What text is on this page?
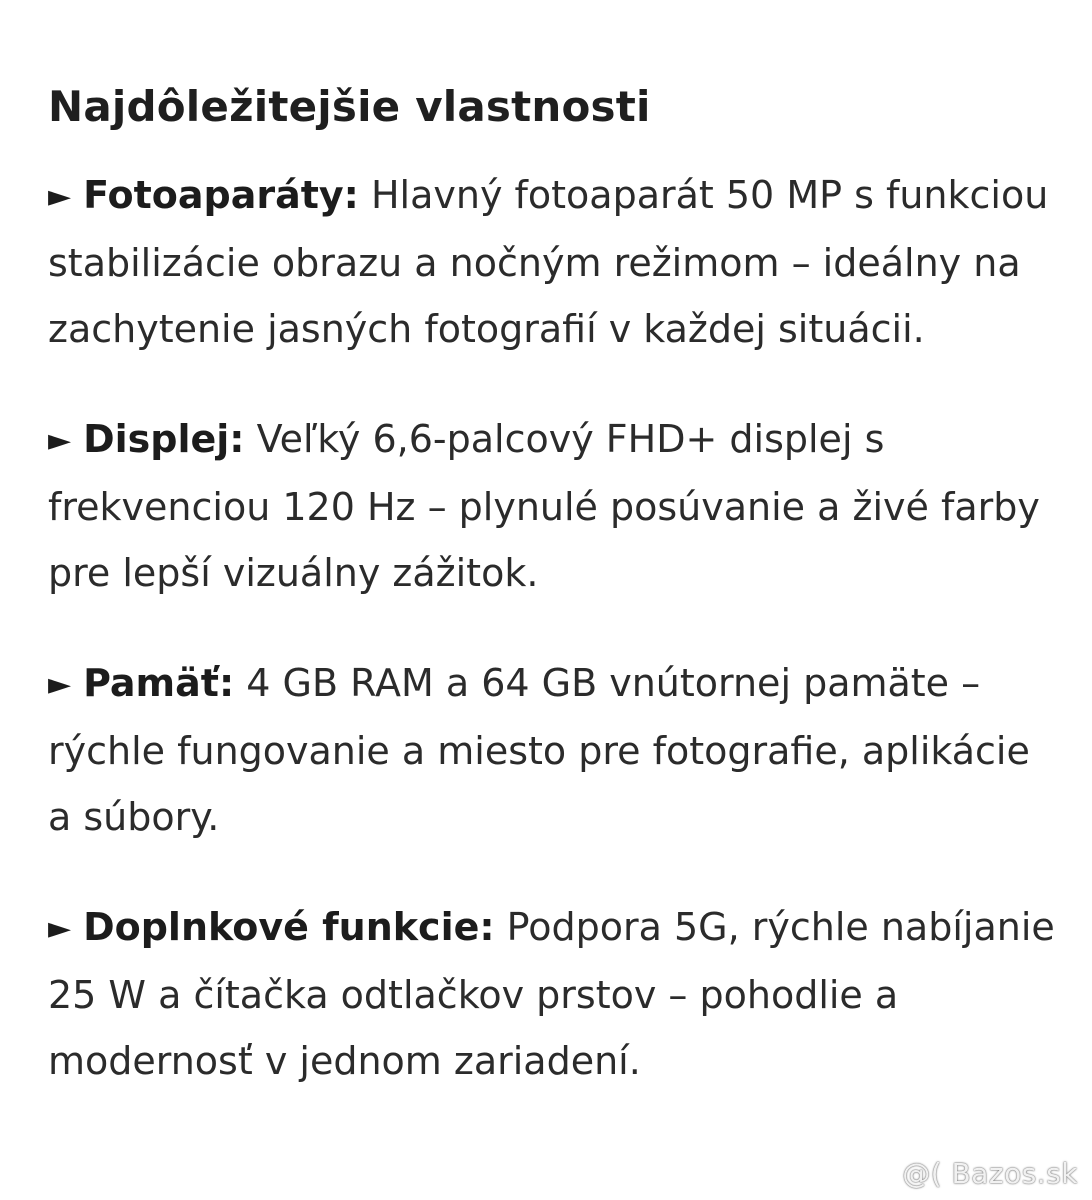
Najdôležitejšie vlastnosti
► Fotoaparáty: Hlavný fotoaparát 50 MP s funkciou stabilizácie obrazu a nočným režimom – ideálny na zachytenie jasných fotografií v každej situácii.
► Displej: Veľký 6,6-palcový FHD+ displej s frekvenciou 120 Hz – plynulé posúvanie a živé farby pre lepší vizuálny zážitok.
► Pamäť: 4 GB RAM a 64 GB vnútornej pamäte – rýchle fungovanie a miesto pre fotografie, aplikácie a súbory.
► Doplnkové funkcie: Podpora 5G, rýchle nabíjanie 25 W a čítačka odtlačkov prstov – pohodlie a modernosť v jednom zariadení.
@( Bazos.sk
